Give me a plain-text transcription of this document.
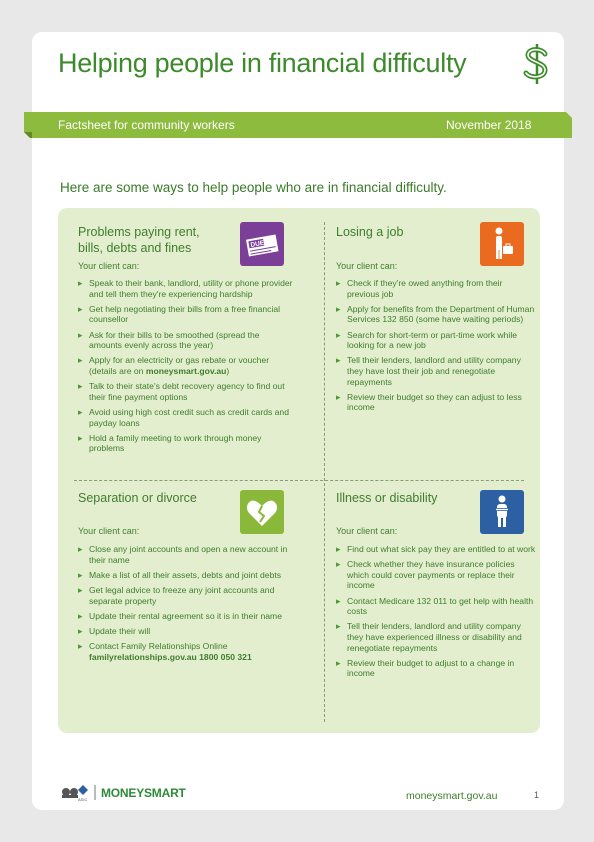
Helping people in financial difficulty
Factsheet for community workers	November 2018
Here are some ways to help people who are in financial difficulty.
Problems paying rent,
bills, debts and fines	DUE
Your client can:
▸ Speak to their bank, landlord, utility or phone provider and tell them they're experiencing hardship
▸ Get help negotiating their bills from a free financial counsellor
▸ Ask for their bills to be smoothed (spread the amounts evenly across the year)
▸ Apply for an electricity or gas rebate or voucher (details are on moneysmart.gov.au)
▸ Talk to their state's debt recovery agency to find out their fine payment options
▸ Avoid using high cost credit such as credit cards and payday loans
▸ Hold a family meeting to work through money problems
Losing a job
Your client can:
▸ Check if they're owed anything from their previous job
▸ Apply for benefits from the Department of Human Services 132 850 (some have waiting periods)
▸ Search for short-term or part-time work while looking for a new job
▸ Tell their lenders, landlord and utility company they have lost their job and renegotiate repayments
▸ Review their budget so they can adjust to less income
Separation or divorce
Your client can:
▸ Close any joint accounts and open a new account in their name
▸ Make a list of all their assets, debts and joint debts
▸ Get legal advice to freeze any joint accounts and separate property
▸ Update their rental agreement so it is in their name
▸ Update their will
▸ Contact Family Relationships Online
familyrelationships.gov.au 1800 050 321
Illness or disability
Your client can:
▸ Find out what sick pay they are entitled to at work
▸ Check whether they have insurance policies which could cover payments or replace their income
▸ Contact Medicare 132 011 to get help with health costs
▸ Tell their lenders, landlord and utility company they have experienced illness or disability and renegotiate repayments
▸ Review their budget to adjust to a change in income
ASIC MONEYSMART	moneysmart.gov.au	1
